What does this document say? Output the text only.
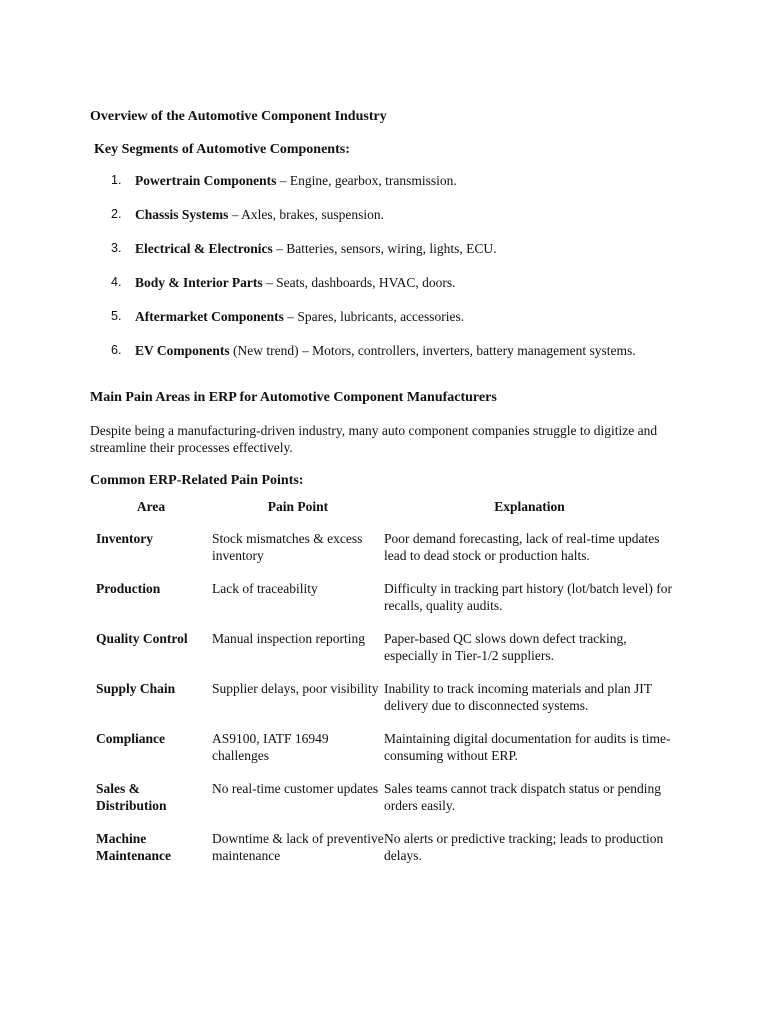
Overview of the Automotive Component Industry
Key Segments of Automotive Components:
1. Powertrain Components – Engine, gearbox, transmission.
2. Chassis Systems – Axles, brakes, suspension.
3. Electrical & Electronics – Batteries, sensors, wiring, lights, ECU.
4. Body & Interior Parts – Seats, dashboards, HVAC, doors.
5. Aftermarket Components – Spares, lubricants, accessories.
6. EV Components (New trend) – Motors, controllers, inverters, battery management systems.
Main Pain Areas in ERP for Automotive Component Manufacturers

Despite being a manufacturing-driven industry, many auto component companies struggle to digitize and streamline their processes effectively.

Common ERP-Related Pain Points:
Area	Pain Point	Explanation
Inventory	Stock mismatches & excess inventory	Poor demand forecasting, lack of real-time updates lead to dead stock or production halts.
Production	Lack of traceability	Difficulty in tracking part history (lot/batch level) for recalls, quality audits.
Quality Control	Manual inspection reporting	Paper-based QC slows down defect tracking, especially in Tier-1/2 suppliers.
Supply Chain	Supplier delays, poor visibility	Inability to track incoming materials and plan JIT delivery due to disconnected systems.
Compliance	AS9100, IATF 16949 challenges	Maintaining digital documentation for audits is time-consuming without ERP.
Sales & Distribution	No real-time customer updates	Sales teams cannot track dispatch status or pending orders easily.
Machine Maintenance	Downtime & lack of preventive maintenance	No alerts or predictive tracking; leads to production delays.
